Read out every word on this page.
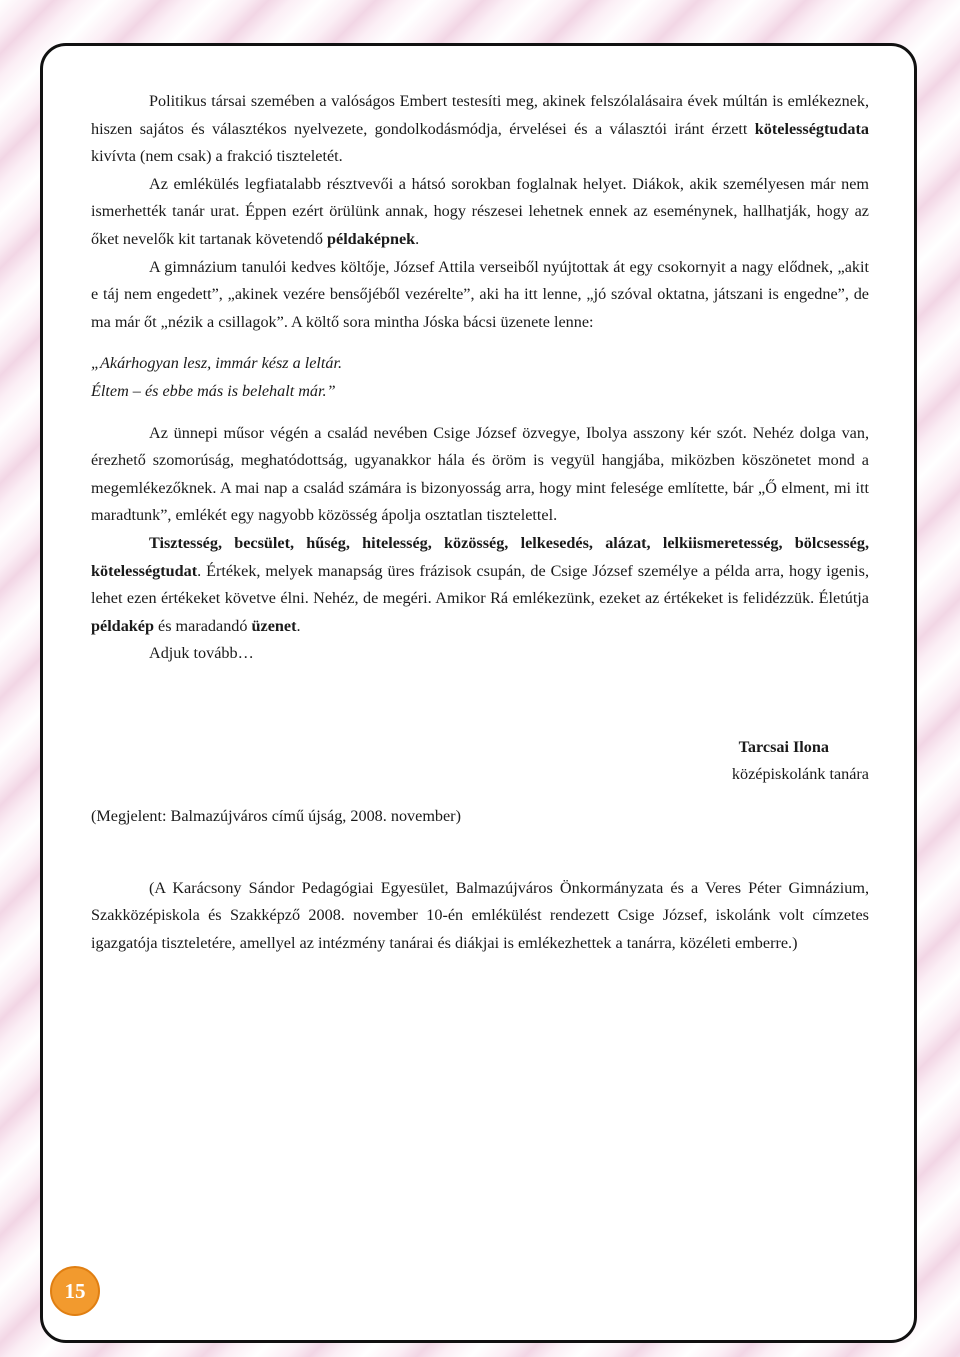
Politikus társai szemében a valóságos Embert testesíti meg, akinek felszólalásaira évek múltán is emlékeznek, hiszen sajátos és választékos nyelvezete, gondolkodásmódja, érvelései és a választói iránt érzett kötelességtudata kivívta (nem csak) a frakció tiszteletét.

Az emlékülés legfiatalabb résztvevői a hátsó sorokban foglalnak helyet. Diákok, akik személyesen már nem ismerhették tanár urat. Éppen ezért örülünk annak, hogy részesei lehetnek ennek az eseménynek, hallhatják, hogy az őket nevelők kit tartanak követendő példaképnek.

A gimnázium tanulói kedves költője, József Attila verseiből nyújtottak át egy csokornyit a nagy elődnek, „akit e táj nem engedett”, „akinek vezére bensőjéből vezérelte”, aki ha itt lenne, „jó szóval oktatna, játszani is engedne”, de ma már őt „nézik a csillagok”. A költő sora mintha Jóska bácsi üzenete lenne:

„Akárhogyan lesz, immár kész a leltár.
Éltem – és ebbe más is belehalt már.”

Az ünnepi műsor végén a család nevében Csige József özvegye, Ibolya asszony kér szót. Nehéz dolga van, érezhető szomorúság, meghatódottság, ugyanakkor hála és öröm is vegyül hangjába, miközben köszönetet mond a megemlékezőknek. A mai nap a család számára is bizonyosság arra, hogy mint felesége említette, bár „Ő elment, mi itt maradtunk”, emlékét egy nagyobb közösség ápolja osztatlan tisztelettel.

Tisztesség, becsület, hűség, hitelesség, közösség, lelkesedés, alázat, lelkiismeretesség, bölcsesség, kötelességtudat. Értékek, melyek manapság üres frázisok csupán, de Csige József személye a példa arra, hogy igenis, lehet ezen értékeket követve élni. Nehéz, de megéri. Amikor Rá emlékezünk, ezeket az értékeket is felidézzük. Életútja példakép és maradandó üzenet.

Adjuk tovább…

Tarcsai Ilona
középiskolánk tanára

(Megjelent: Balmazújváros című újság, 2008. november)

(A Karácsony Sándor Pedagógiai Egyesület, Balmazújváros Önkormányzata és a Veres Péter Gimnázium, Szakközépiskola és Szakképző 2008. november 10-én emlékülést rendezett Csige József, iskolánk volt címzetes igazgatója tiszteletére, amellyel az intézmény tanárai és diákjai is emlékezhettek a tanárra, közéleti emberre.)

15
